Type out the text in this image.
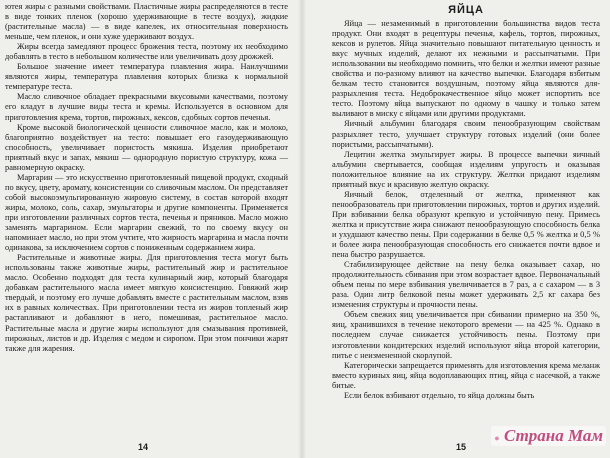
ютея жиры с разными свойствами. Пластичные жиры распределяются в тесте в виде тонких пленок (хорошо удерживающие в тесте воздух), жидкие (растительные масла) — в виде капелек, их относительная поверхность меньше, чем пленок, и они хуже удерживают воздух.

Жиры всегда замедляют процесс брожения теста, поэтому их необходимо добавлять в тесто в небольшом количестве или увеличивать дозу дрожжей.

Большое значение имеет температура плавления жира. Наилучшими являются жиры, температура плавления которых близка к нормальной температуре теста.

Масло сливочное обладает прекрасными вкусовыми качествами, поэтому его кладут в лучшие виды теста и кремы. Используется в основном для приготовления крема, тортов, пирожных, кексов, сдобных сортов печенья.

Кроме высокой биологической ценности сливочное масло, как и молоко, благоприятно воздействует на тесто: повышает его газоудерживающую способность, увеличивает пористость мякиша. Изделия приобретают приятный вкус и запах, мякиш — однородную пористую структуру, кожа — равномерную окраску.

Маргарин — это искусственно приготовленный пищевой продукт, сходный по вкусу, цвету, аромату, консистенции со сливочным маслом. Он представляет собой высокоэмульгированную жировую систему, в состав которой входят жиры, молоко, соль, сахар, эмульгаторы и другие компоненты. Применяется при изготовлении различных сортов теста, печенья и пряников. Масло можно заменять маргарином. Если маргарин свежий, то по своему вкусу он напоминает масло, но при этом учтите, что жирность маргарина и масла почти одинакова, за исключением сортов с пониженным содержанием жира.

Растительные и животные жиры. Для приготовления теста могут быть использованы также животные жиры, растительный жир и растительное масло. Особенно подходят для теста кулинарный жир, который благодаря добавкам растительного масла имеет мягкую консистенцию. Говяжий жир твердый, и поэтому его лучше добавлять вместе с растительным маслом, взяв их в равных количествах. При приготовлении теста из жиров топленый жир растапливают и добавляют в него, помешивая, растительное масло. Растительные масла и другие жиры используют для смазывания противней, пирожных, листов и др. Изделия с медом и сиропом. При этом пончики жарят также для жарения.

14
ЯЙЦА

Яйца — незаменимый в приготовлении большинства видов теста продукт. Они входят в рецептуры печенья, кафель, тортов, пирожных, кексов и рулетов. Яйца значительно повышают питательную ценность и вкус мучных изделий, делают их нежными и рассыпчатыми. При использовании вы необходимо помнить, что белки и желтки имеют разные свойства и по-разному влияют на качество выпечки. Благодаря взбитым белкам тесто становится воздушным, поэтому яйца являются для-разрыхления теста. Недоброкачественное яйцо может испортить все тесто. Поэтому яйца выпускают по одному в чашку и только затем выливают в миску с яйцами или другими продуктами.

Яичный альбумин благодаря своим пенообразующим свойствам разрыхляет тесто, улучшает структуру готовых изделий (они более пористыми, рассыпчатыми).

Лецитин желтка эмульгирует жиры. В процессе выпечки яичный альбумин свертывается, сообщая изделиям упругость и оказывая положительное влияние на их структуру. Желтки придают изделиям приятный вкус и красивую желтую окраску.

Яичный белок, отделенный от желтка, применяют как пенообразователь при приготовлении пирожных, тортов и других изделий. При взбивании белка образуют крепкую и устойчивую пену. Примесь желтка и присутствие жира снижают пенообразующую способность белка и ухудшают качество пены. При содержании в белке 0,5 % желтка и 0,5 % и более жира пенообразующая способность его снижается почти вдвое и пена быстро разрушается.

Стабилизирующее действие на пену белка оказывает сахар, но продолжительность сбивания при этом возрастает вдвое. Первоначальный объем пены по мере взбивания увеличивается в 7 раз, а с сахаром — в 3 раза. Один литр белковой пены может удерживать 2,5 кг сахара без изменения структуры и прочности пены.

Объем свежих яиц увеличивается при сбивании примерно на 350 %, яиц, хранившихся в течение некоторого времени — на 425 %. Однако в последнем случае снижается устойчивость пены. Поэтому при изготовлении кондитерских изделий используют яйца второй категории, питье с неизмененной скорлупой.

Категорически запрещается применять для изготовления крема меланж вместо куриных яиц, яйца водоплавающих птиц, яйца с насечкой, а также битые.

Если белок взбивают отдельно, то яйца должны быть

15
● Страна Мам
